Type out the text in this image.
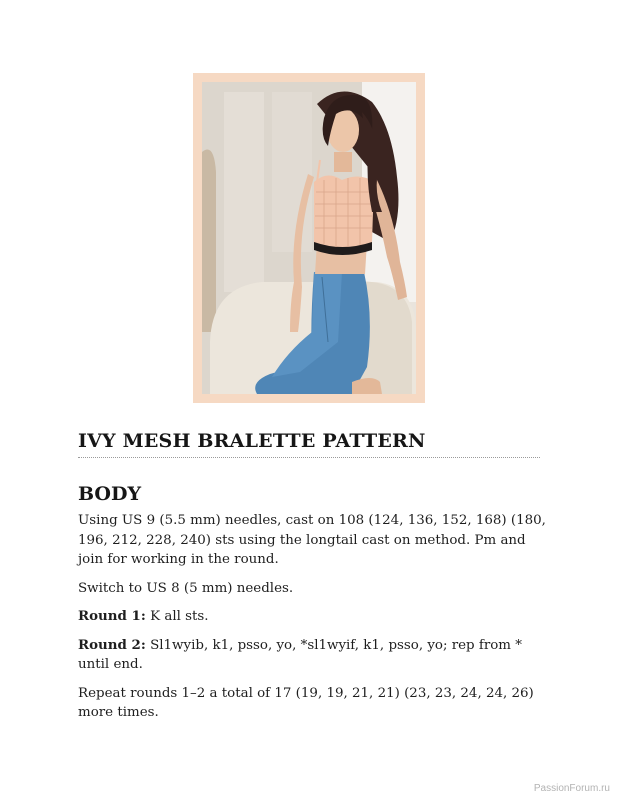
IVY MESH BRALETTE PATTERN
BODY

Using US 9 (5.5 mm) needles, cast on 108 (124, 136, 152, 168) (180, 196, 212, 228, 240) sts using the longtail cast on method. Pm and join for working in the round.

Switch to US 8 (5 mm) needles.

Round 1: K all sts.

Round 2: Sl1wyib, k1, psso, yo, *sl1wyif, k1, psso, yo; rep from * until end.

Repeat rounds 1–2 a total of 17 (19, 19, 21, 21) (23, 23, 24, 24, 26) more times.

PassionForum.ru
